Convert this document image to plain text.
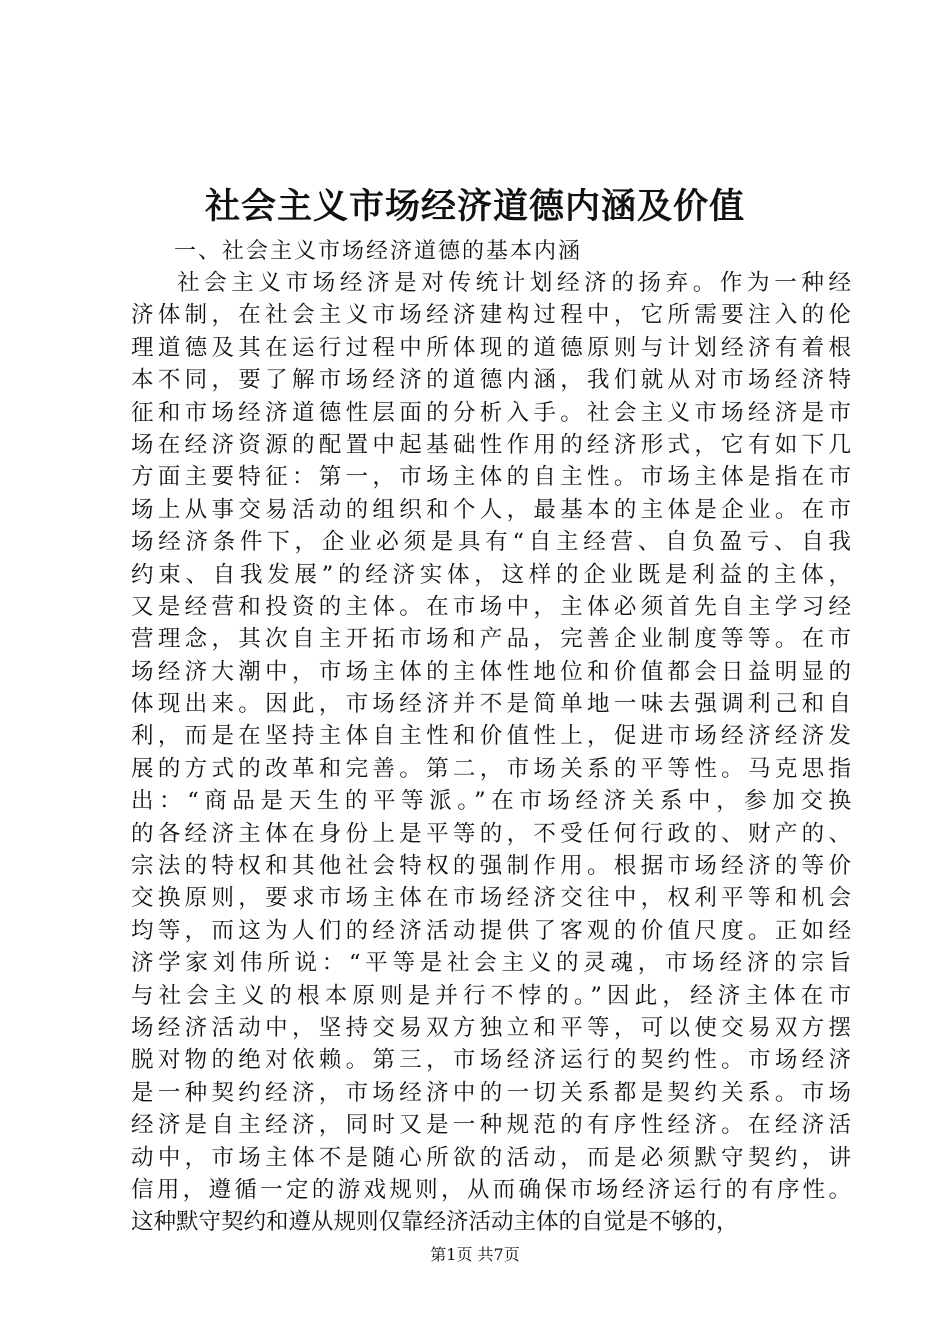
社会主义市场经济道德内涵及价值

一、社会主义市场经济道德的基本内涵

社会主义市场经济是对传统计划经济的扬弃。作为一种经
济体制，在社会主义市场经济建构过程中，它所需要注入的伦
理道德及其在运行过程中所体现的道德原则与计划经济有着根
本不同，要了解市场经济的道德内涵，我们就从对市场经济特
征和市场经济道德性层面的分析入手。社会主义市场经济是市
场在经济资源的配置中起基础性作用的经济形式，它有如下几
方面主要特征：第一，市场主体的自主性。市场主体是指在市
场上从事交易活动的组织和个人，最基本的主体是企业。在市
场经济条件下，企业必须是具有“自主经营、自负盈亏、自我
约束、自我发展”的经济实体，这样的企业既是利益的主体，
又是经营和投资的主体。在市场中，主体必须首先自主学习经
营理念，其次自主开拓市场和产品，完善企业制度等等。在市
场经济大潮中，市场主体的主体性地位和价值都会日益明显的
体现出来。因此，市场经济并不是简单地一味去强调利己和自
利，而是在坚持主体自主性和价值性上，促进市场经济经济发
展的方式的改革和完善。第二，市场关系的平等性。马克思指
出：“商品是天生的平等派。”在市场经济关系中，参加交换
的各经济主体在身份上是平等的，不受任何行政的、财产的、
宗法的特权和其他社会特权的强制作用。根据市场经济的等价
交换原则，要求市场主体在市场经济交往中，权利平等和机会
均等，而这为人们的经济活动提供了客观的价值尺度。正如经
济学家刘伟所说：“平等是社会主义的灵魂，市场经济的宗旨
与社会主义的根本原则是并行不悖的。”因此，经济主体在市
场经济活动中，坚持交易双方独立和平等，可以使交易双方摆
脱对物的绝对依赖。第三，市场经济运行的契约性。市场经济
是一种契约经济，市场经济中的一切关系都是契约关系。市场
经济是自主经济，同时又是一种规范的有序性经济。在经济活
动中，市场主体不是随心所欲的活动，而是必须默守契约，讲
信用，遵循一定的游戏规则，从而确保市场经济运行的有序性。
这种默守契约和遵从规则仅靠经济活动主体的自觉是不够的，

第1页 共7页
